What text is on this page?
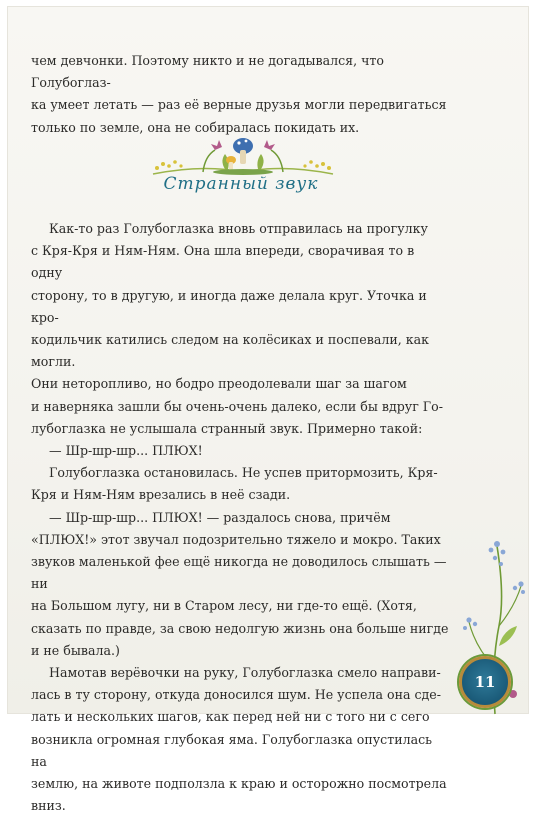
чем девчонки. Поэтому никто и не догадывался, что Голубоглаз-

ка умеет летать — раз её верные друзья могли передвигаться

только по земле, она не собиралась покидать их.

Странный звук

Как-то раз Голубоглазка вновь отправилась на прогулку

с Кря-Кря и Ням-Ням. Она шла впереди, сворачивая то в одну

сторону, то в другую, и иногда даже делала круг. Уточка и кро-

кодильчик катились следом на колёсиках и поспевали, как могли.

Они неторопливо, но бодро преодолевали шаг за шагом

и наверняка зашли бы очень-очень далеко, если бы вдруг Го-

лубоглазка не услышала странный звук. Примерно такой:

— Шр-шр-шр... ПЛЮХ!

Голубоглазка остановилась. Не успев притормозить, Кря-

Кря и Ням-Ням врезались в неё сзади.

— Шр-шр-шр... ПЛЮХ! — раздалось снова, причём

«ПЛЮХ!» этот звучал подозрительно тяжело и мокро. Таких

звуков маленькой фее ещё никогда не доводилось слышать — ни

на Большом лугу, ни в Старом лесу, ни где-то ещё. (Хотя,

сказать по правде, за свою недолгую жизнь она больше нигде

и не бывала.)

Намотав верёвочки на руку, Голубоглазка смело направи-

лась в ту сторону, откуда доносился шум. Не успела она сде-

лать и нескольких шагов, как перед ней ни с того ни с сего

возникла огромная глубокая яма. Голубоглазка опустилась на

землю, на животе подползла к краю и осторожно посмотрела

вниз.

11
